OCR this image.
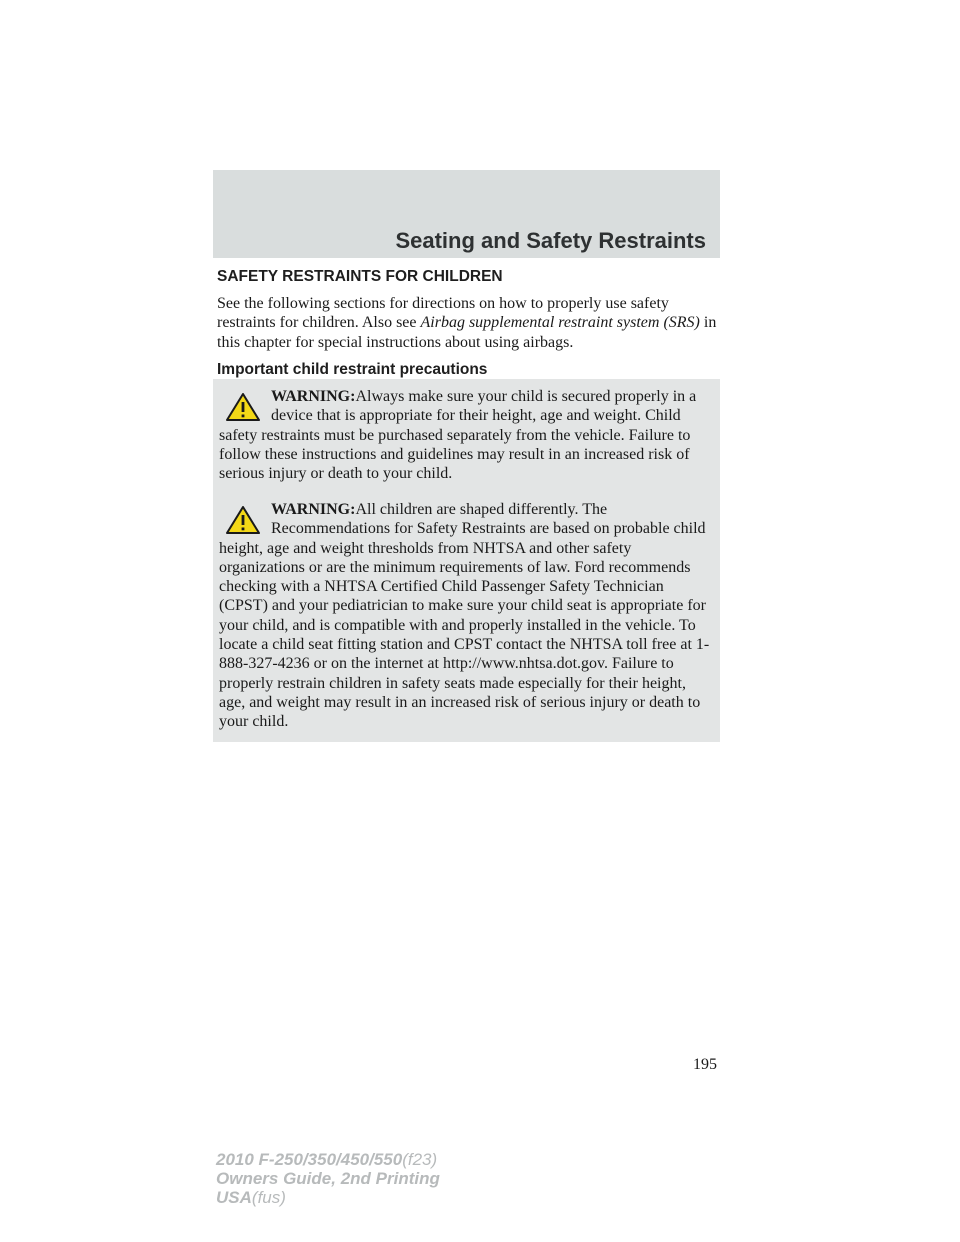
Seating and Safety Restraints
SAFETY RESTRAINTS FOR CHILDREN

See the following sections for directions on how to properly use safety restraints for children. Also see Airbag supplemental restraint system (SRS) in this chapter for special instructions about using airbags.

Important child restraint precautions

WARNING:Always make sure your child is secured properly in a device that is appropriate for their height, age and weight. Child safety restraints must be purchased separately from the vehicle. Failure to follow these instructions and guidelines may result in an increased risk of serious injury or death to your child.

WARNING:All children are shaped differently. The Recommendations for Safety Restraints are based on probable child height, age and weight thresholds from NHTSA and other safety organizations or are the minimum requirements of law. Ford recommends checking with a NHTSA Certified Child Passenger Safety Technician (CPST) and your pediatrician to make sure your child seat is appropriate for your child, and is compatible with and properly installed in the vehicle. To locate a child seat fitting station and CPST contact the NHTSA toll free at 1-888-327-4236 or on the internet at http://www.nhtsa.dot.gov. Failure to properly restrain children in safety seats made especially for their height, age, and weight may result in an increased risk of serious injury or death to your child.

195
2010 F-250/350/450/550(f23)
Owners Guide, 2nd Printing
USA(fus)
